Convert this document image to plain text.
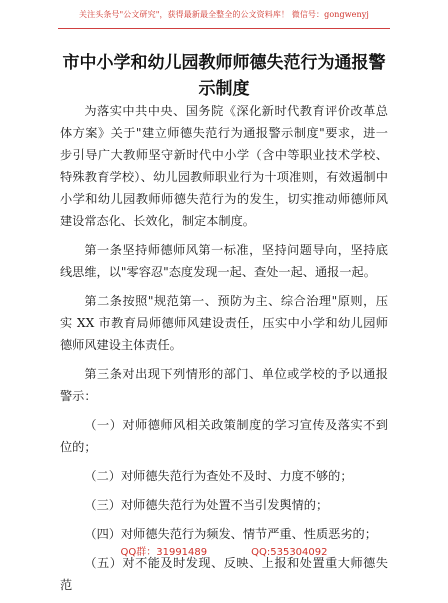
关注头条号"公文研究"，获得最新最全整全的公文资料库！ 微信号：gongwenyj
市中小学和幼儿园教师师德失范行为通报警示制度

为落实中共中央、国务院《深化新时代教育评价改革总体方案》关于"建立师德失范行为通报警示制度"要求，进一步引导广大教师坚守新时代中小学（含中等职业技术学校、特殊教育学校）、幼儿园教师职业行为十项准则，有效遏制中小学和幼儿园教师师德失范行为的发生，切实推动师德师风建设常态化、长效化，制定本制度。

第一条坚持师德师风第一标准，坚持问题导向，坚持底线思维，以"零容忍"态度发现一起、查处一起、通报一起。

第二条按照"规范第一、预防为主、综合治理"原则，压实 XX 市教育局师德师风建设责任，压实中小学和幼儿园师德师风建设主体责任。

第三条对出现下列情形的部门、单位或学校的予以通报警示：

（一）对师德师风相关政策制度的学习宣传及落实不到位的；

（二）对师德失范行为查处不及时、力度不够的；

（三）对师德失范行为处置不当引发舆情的；

（四）对师德失范行为频发、情节严重、性质恶劣的；

（五）对不能及时发现、反映、上报和处置重大师德失范

QQ群：31991489	QQ:535304092
